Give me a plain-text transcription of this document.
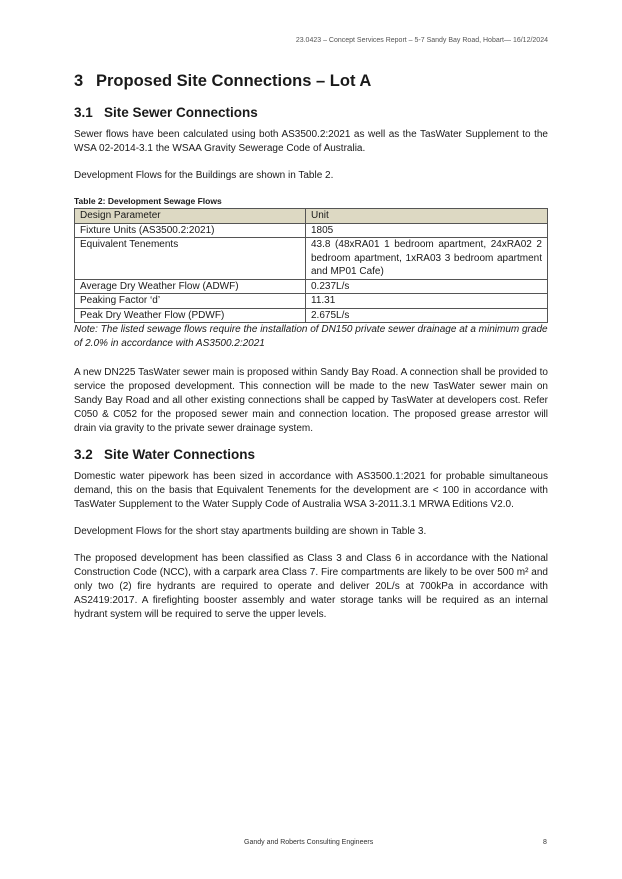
23.0423 – Concept Services Report – 5-7 Sandy Bay Road, Hobart— 16/12/2024
3 Proposed Site Connections – Lot A
3.1 Site Sewer Connections

Sewer flows have been calculated using both AS3500.2:2021 as well as the TasWater Supplement to the WSA 02-2014-3.1 the WSAA Gravity Sewerage Code of Australia.

Development Flows for the Buildings are shown in Table 2.

Table 2: Development Sewage Flows
Design Parameter	Unit
Fixture Units (AS3500.2:2021)	1805
Equivalent Tenements	43.8 (48xRA01 1 bedroom apartment, 24xRA02 2 bedroom apartment, 1xRA03 3 bedroom apartment and MP01 Cafe)
Average Dry Weather Flow (ADWF)	0.237L/s
Peaking Factor ‘d’	11.31
Peak Dry Weather Flow (PDWF)	2.675L/s
Note: The listed sewage flows require the installation of DN150 private sewer drainage at a minimum grade of 2.0% in accordance with AS3500.2:2021

A new DN225 TasWater sewer main is proposed within Sandy Bay Road. A connection shall be provided to service the proposed development. This connection will be made to the new TasWater sewer main on Sandy Bay Road and all other existing connections shall be capped by TasWater at developers cost. Refer C050 & C052 for the proposed sewer main and connection location. The proposed grease arrestor will drain via gravity to the private sewer drainage system.

3.2 Site Water Connections

Domestic water pipework has been sized in accordance with AS3500.1:2021 for probable simultaneous demand, this on the basis that Equivalent Tenements for the development are < 100 in accordance with TasWater Supplement to the Water Supply Code of Australia WSA 3-2011.3.1 MRWA Editions V2.0.

Development Flows for the short stay apartments building are shown in Table 3.

The proposed development has been classified as Class 3 and Class 6 in accordance with the National Construction Code (NCC), with a carpark area Class 7. Fire compartments are likely to be over 500 m² and only two (2) fire hydrants are required to operate and deliver 20L/s at 700kPa in accordance with AS2419:2017. A firefighting booster assembly and water storage tanks will be required as an internal hydrant system will be required to serve the upper levels.

Gandy and Roberts Consulting Engineers	8
